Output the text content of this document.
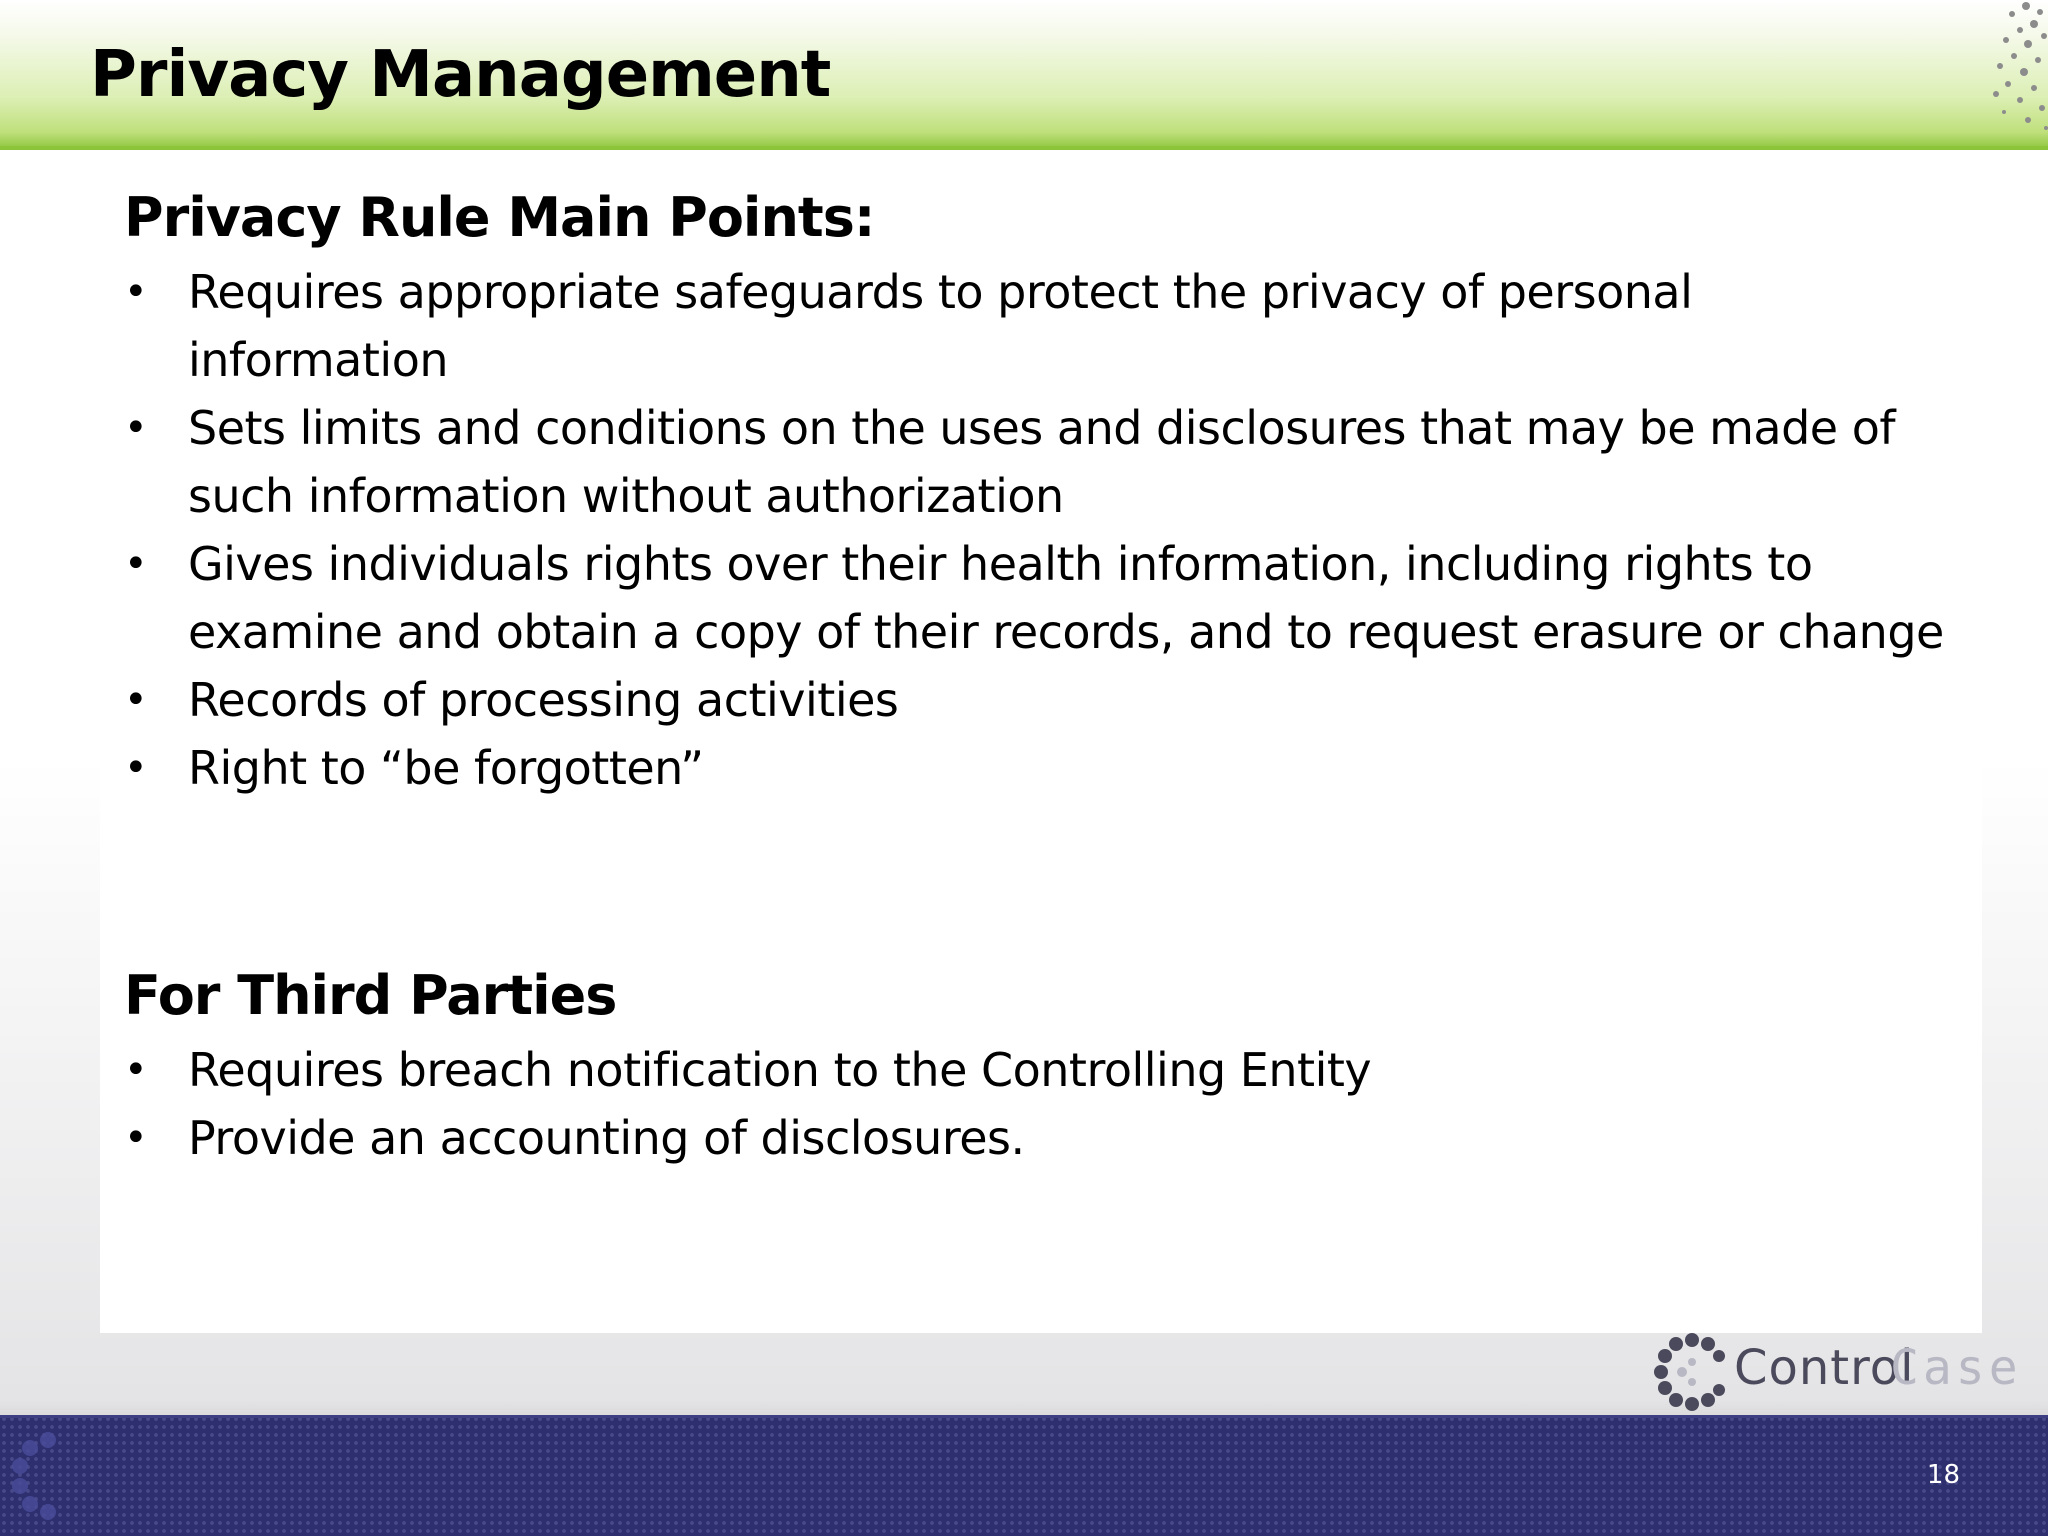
Privacy Management
Privacy Rule Main Points:
• Requires appropriate safeguards to protect the privacy of personal information
• Sets limits and conditions on the uses and disclosures that may be made of such information without authorization
• Gives individuals rights over their health information, including rights to examine and obtain a copy of their records, and to request erasure or change
• Records of processing activities
• Right to “be forgotten”
For Third Parties
• Requires breach notification to the Controlling Entity
• Provide an accounting of disclosures.
Control
Case
18
